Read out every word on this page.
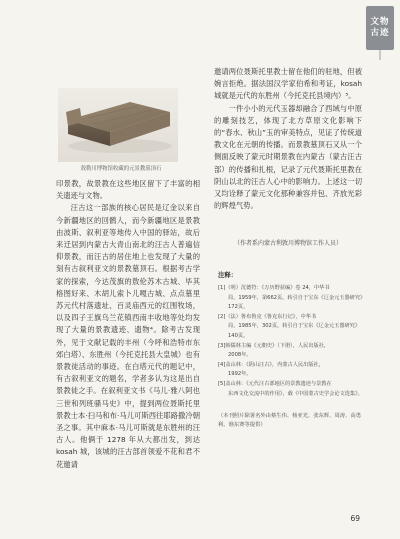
文物
古迹
敖勒川博物馆收藏的元景教墓顶石

印景教，故景教在这些地区留下了丰富的相关遗迹与文物。

汪古这一部族的核心居民是辽金以来自今新疆地区的回鹘人，而今新疆地区是景教由波斯、叙利亚等地传入中国的驿站，故后来迁居到内蒙古大青山南北的汪古人普遍信仰景教，而汪古的居住地上也发现了大量的刻有古叙利亚文的景教墓顶石。根据考古学家的探索，今达茂旗的敖伦苏木古城、毕其格图好来、木胡儿索卜儿嘎古城、点点墓里苏元代村落遗址、百灵庙西元的红围牧场，以及四子王旗乌兰花镇西南丰收地等处均发现了大量的景教遗迹、遗物⁴。除考古发现外，见于文献记载的丰州（今呼和浩特市东郊白塔）、东胜州（今托克托县大皇城）也有景教徒活动的事迹。在白塔元代的题记中，有古叙利亚文的题名，学者多认为这是出自景教徒之手。在叙利亚文书《马儿·雅八阿也三世和列班骚马史》中，提到两位聂斯托里景教士本·扫马和布·马儿可斯西往耶路撒冷朝圣之事。其中麻本·马儿可斯就是东胜州的汪古人。他俩于 1278 年从大都出发，到达 kosah 城，该城的汪古部首领爱不花和君不花邀请

邀请两位聂斯托里教士留在他们的驻地，但被婉言拒绝。据法国汉学家伯希和考证，kosah 城就是元代的东胜州（今托克托县境内）⁵。

一件小小的元代玉器却融合了西域与中原的雕刻技艺，体现了北方草原文化影响下的“春水、秋山”玉的审美特点，见证了传统道教文化在元朝的传播。而景教墓顶石又从一个侧面反映了蒙元时期景教在内蒙古（蒙古汪古部）的传播和扎根，记录了元代聂斯托里教在阴山以北的汪古人心中的影响力。上述这一切又均诠释了蒙元文化那种兼容并包、齐放光彩的辉煌气势。

（作者系内蒙古利敦川博物馆工作人员）
注释：
[1]（明）沈德符：《万历野获编》卷 24，中华书
局，1959年，第662页。转引自于宝东《辽金元玉器研究》172页。
[2]（法）鲁布鲁克《鲁克东行记》，中华书
局，1985年，302页。转引自于宝东《辽金元玉器研究》140页。
[3]韩儒林主编《元朝史》（下册），人民出版社，
2008年。
[4]盖山林：《阴山汪古》，内蒙古人民出版社，
1992年。
[5]盖山林：《元代汪古部地区的景教遗迹与景教在
东西文化交流中的作用》，载《中国蒙古史学会论文选集》。
（本刊照片除署名外由蔡生伟、杨亚光、张东辉、周涛、高勇利、谯东赛等提供）
69
